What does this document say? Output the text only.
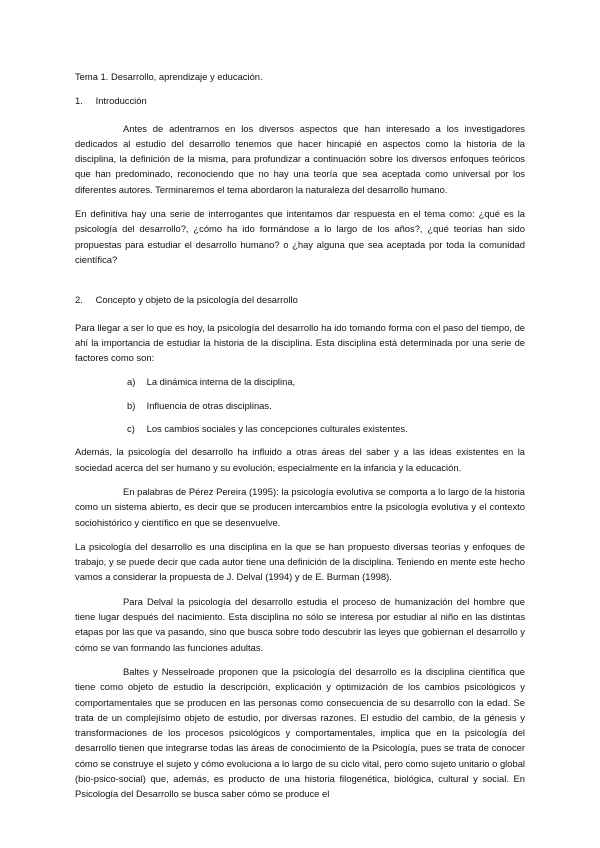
Tema 1. Desarrollo, aprendizaje y educación.
1. Introducción

Antes de adentrarnos en los diversos aspectos que han interesado a los investigadores dedicados al estudio del desarrollo tenemos que hacer hincapié en aspectos como la historia de la disciplina, la definición de la misma, para profundizar a continuación sobre los diversos enfoques teóricos que han predominado, reconociendo que no hay una teoría que sea aceptada como universal por los diferentes autores. Terminaremos el tema abordaron la naturaleza del desarrollo humano.

En definitiva hay una serie de interrogantes que intentamos dar respuesta en el tema como: ¿qué es la psicología del desarrollo?, ¿cómo ha ido formándose a lo largo de los años?, ¿qué teorías han sido propuestas para estudiar el desarrollo humano? o ¿hay alguna que sea aceptada por toda la comunidad científica?

2. Concepto y objeto de la psicología del desarrollo

Para llegar a ser lo que es hoy, la psicología del desarrollo ha ido tomando forma con el paso del tiempo, de ahí la importancia de estudiar la historia de la disciplina. Esta disciplina está determinada por una serie de factores como son:

a) La dinámica interna de la disciplina,
b) Influencia de otras disciplinas.
c) Los cambios sociales y las concepciones culturales existentes.

Además, la psicología del desarrollo ha influido a otras áreas del saber y a las ideas existentes en la sociedad acerca del ser humano y su evolución, especialmente en la infancia y la educación.

En palabras de Pérez Pereira (1995): la psicología evolutiva se comporta a lo largo de la historia como un sistema abierto, es decir que se producen intercambios entre la psicología evolutiva y el contexto sociohistórico y científico en que se desenvuelve.

La psicología del desarrollo es una disciplina en la que se han propuesto diversas teorías y enfoques de trabajo, y se puede decir que cada autor tiene una definición de la disciplina. Teniendo en mente este hecho vamos a considerar la propuesta de J. Delval (1994) y de E. Burman (1998).

Para Delval la psicología del desarrollo estudia el proceso de humanización del hombre que tiene lugar después del nacimiento. Esta disciplina no sólo se interesa por estudiar al niño en las distintas etapas por las que va pasando, sino que busca sobre todo descubrir las leyes que gobiernan el desarrollo y cómo se van formando las funciones adultas.

Baltes y Nesselroade proponen que la psicología del desarrollo es la disciplina científica que tiene como objeto de estudio la descripción, explicación y optimización de los cambios psicológicos y comportamentales que se producen en las personas como consecuencia de su desarrollo con la edad. Se trata de un complejísimo objeto de estudio, por diversas razones. El estudio del cambio, de la génesis y transformaciones de los procesos psicológicos y comportamentales, implica que en la psicología del desarrollo tienen que integrarse todas las áreas de conocimiento de la Psicología, pues se trata de conocer cómo se construye el sujeto y cómo evoluciona a lo largo de su ciclo vital, pero como sujeto unitario o global (bio-psico-social) que, además, es producto de una historia filogenética, biológica, cultural y social. En Psicología del Desarrollo se busca saber cómo se produce el
